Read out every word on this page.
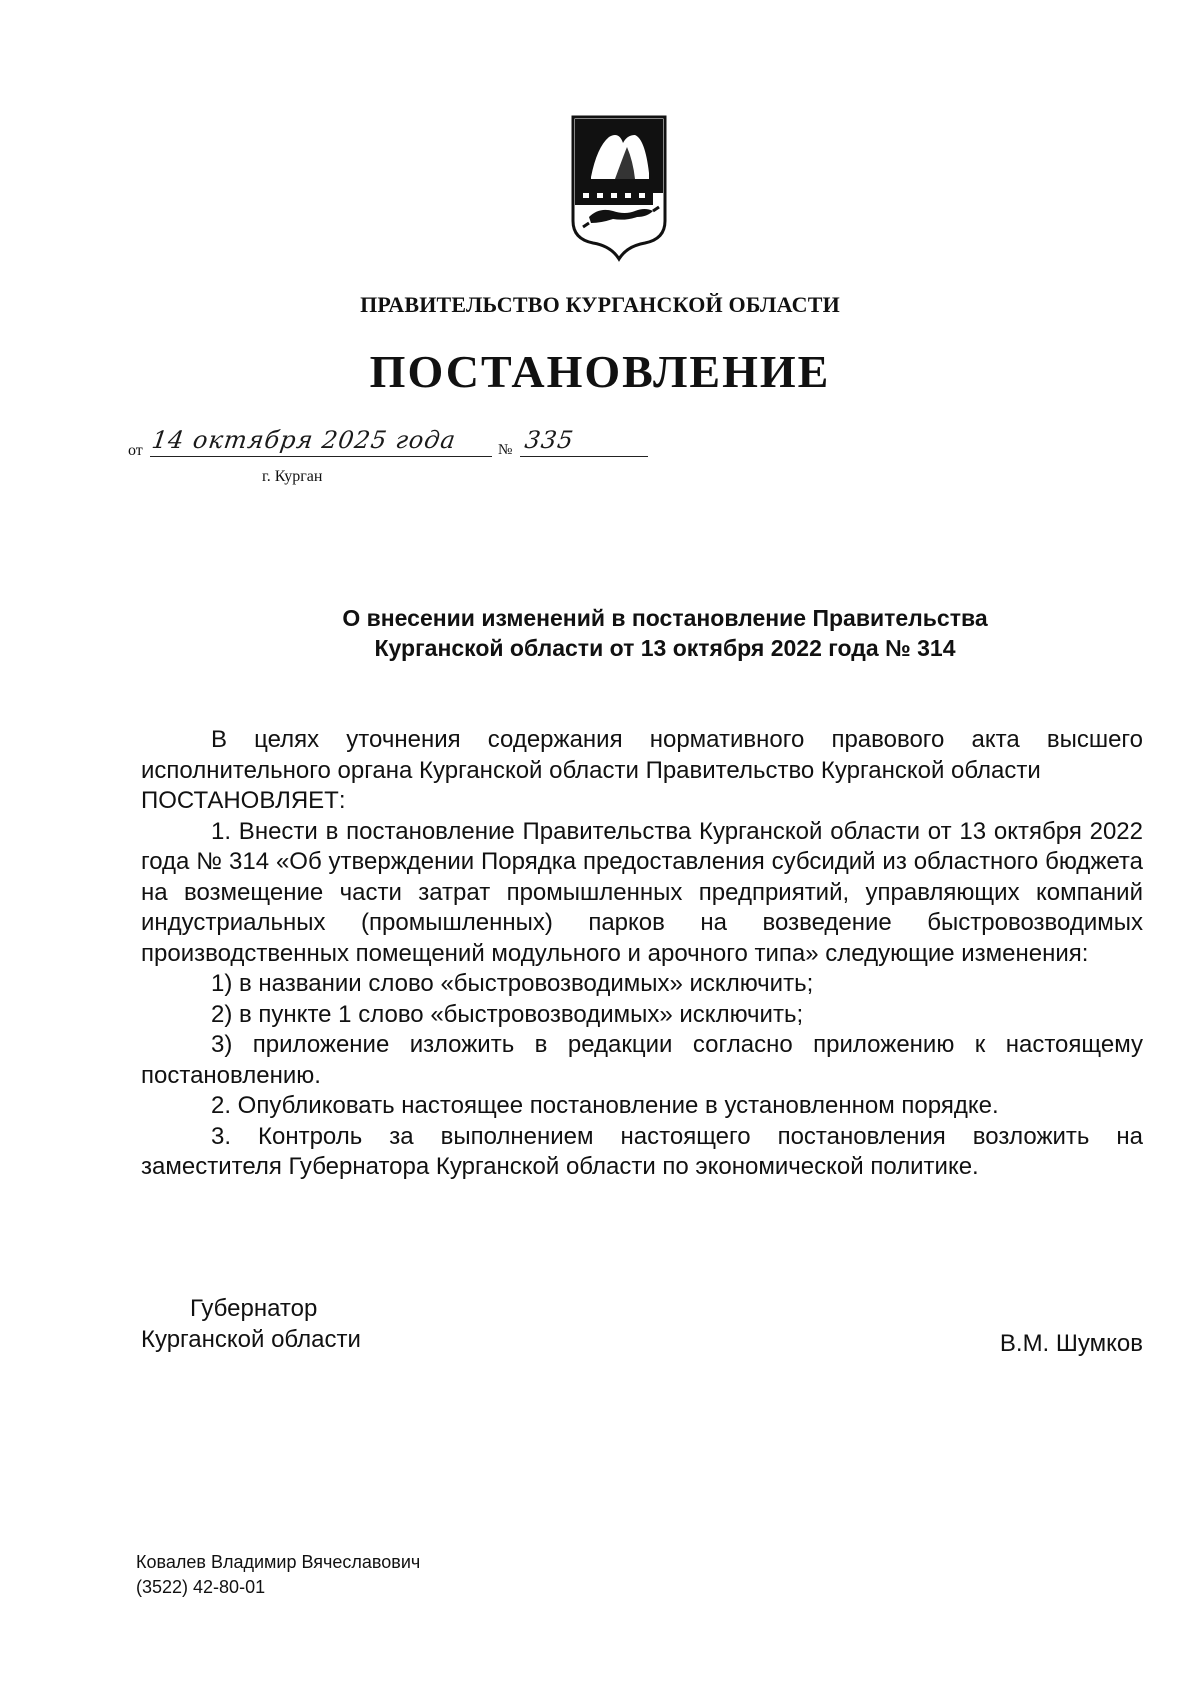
ПРАВИТЕЛЬСТВО КУРГАНСКОЙ ОБЛАСТИ
ПОСТАНОВЛЕНИЕ
от 14 октября 2025 года	№ 335
г. Курган
О внесении изменений в постановление Правительства
Курганской области от 13 октября 2022 года № 314

В целях уточнения содержания нормативного правового акта высшего исполнительного органа Курганской области Правительство Курганской области

ПОСТАНОВЛЯЕТ:

1. Внести в постановление Правительства Курганской области от 13 октября 2022 года № 314 «Об утверждении Порядка предоставления субсидий из областного бюджета на возмещение части затрат промышленных предприятий, управляющих компаний индустриальных (промышленных) парков на возведение быстровозводимых производственных помещений модульного и арочного типа» следующие изменения:

1) в названии слово «быстровозводимых» исключить;

2) в пункте 1 слово «быстровозводимых» исключить;

3) приложение изложить в редакции согласно приложению к настоящему постановлению.

2. Опубликовать настоящее постановление в установленном порядке.

3. Контроль за выполнением настоящего постановления возложить на заместителя Губернатора Курганской области по экономической политике.

Губернатор
Курганской области	В.М. Шумков
Ковалев Владимир Вячеславович
(3522) 42-80-01
